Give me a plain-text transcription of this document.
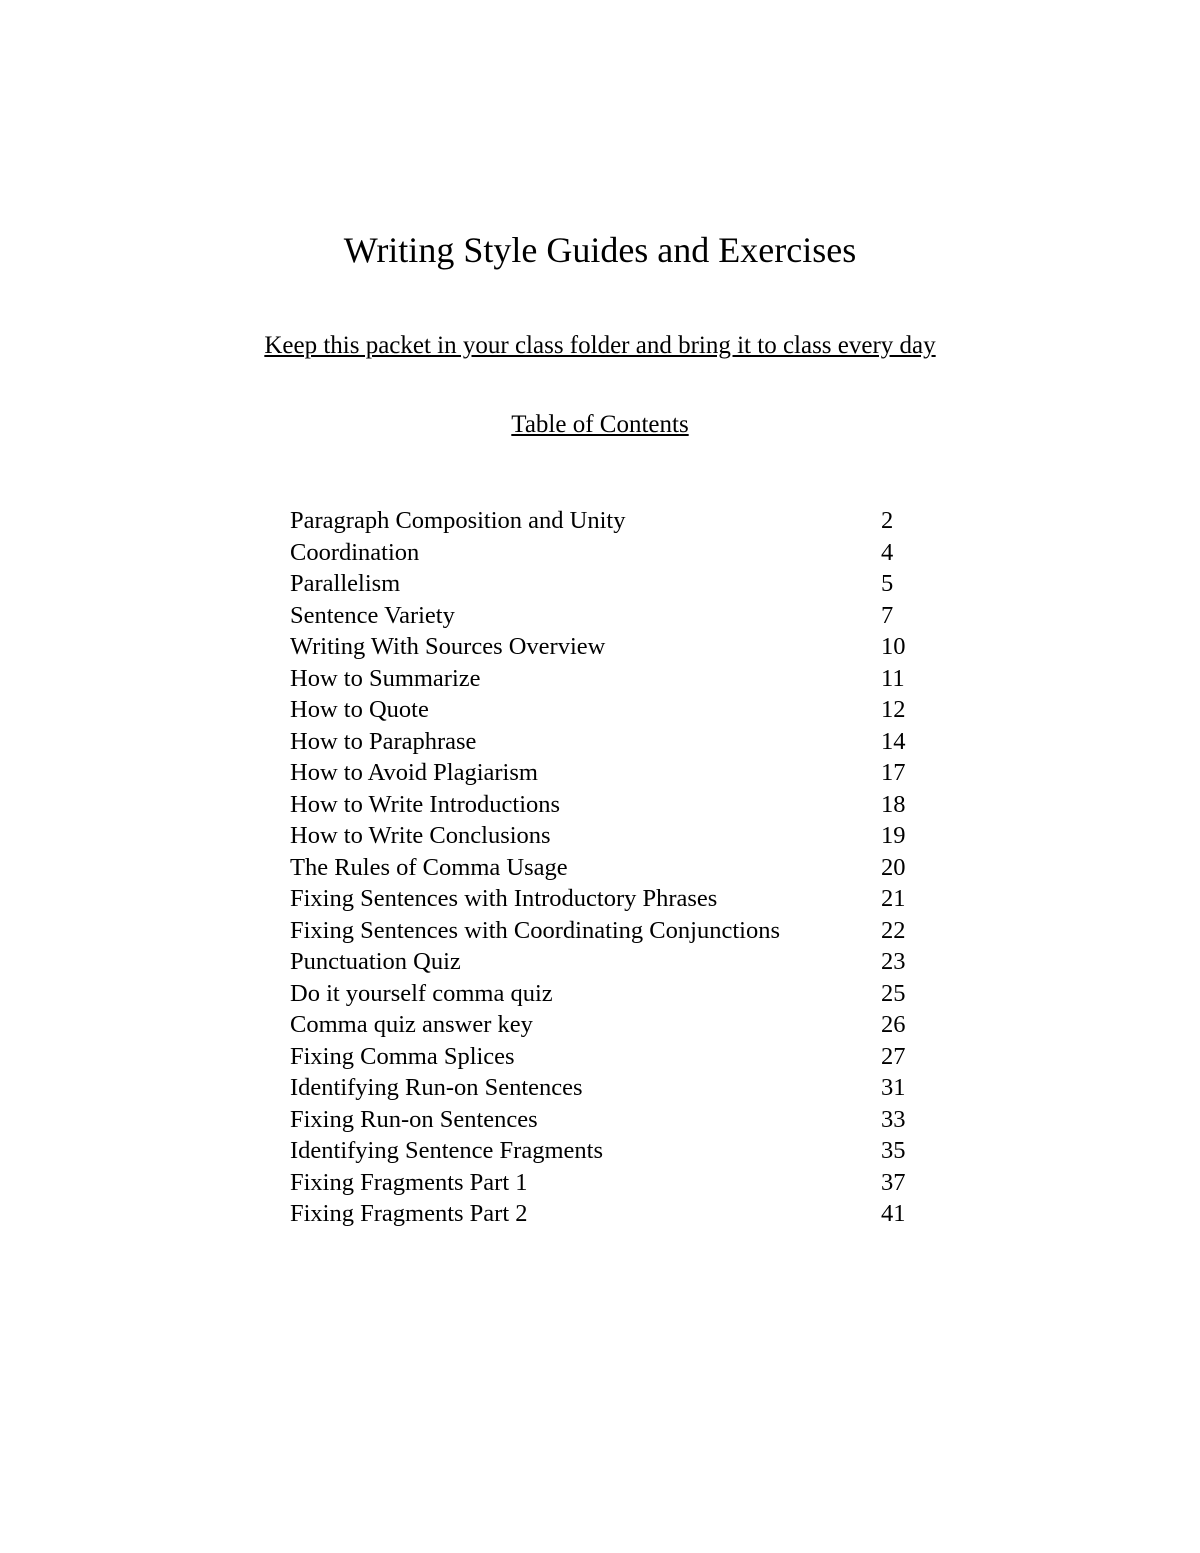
Writing Style Guides and Exercises
Keep this packet in your class folder and bring it to class every day
Table of Contents
Paragraph Composition and Unity	2
Coordination	4
Parallelism	5
Sentence Variety	7
Writing With Sources Overview	10
How to Summarize	11
How to Quote	12
How to Paraphrase	14
How to Avoid Plagiarism	17
How to Write Introductions	18
How to Write Conclusions	19
The Rules of Comma Usage	20
Fixing Sentences with Introductory Phrases	21
Fixing Sentences with Coordinating Conjunctions	22
Punctuation Quiz	23
Do it yourself comma quiz	25
Comma quiz answer key	26
Fixing Comma Splices	27
Identifying Run-on Sentences	31
Fixing Run-on Sentences	33
Identifying Sentence Fragments	35
Fixing Fragments Part 1	37
Fixing Fragments Part 2	41
